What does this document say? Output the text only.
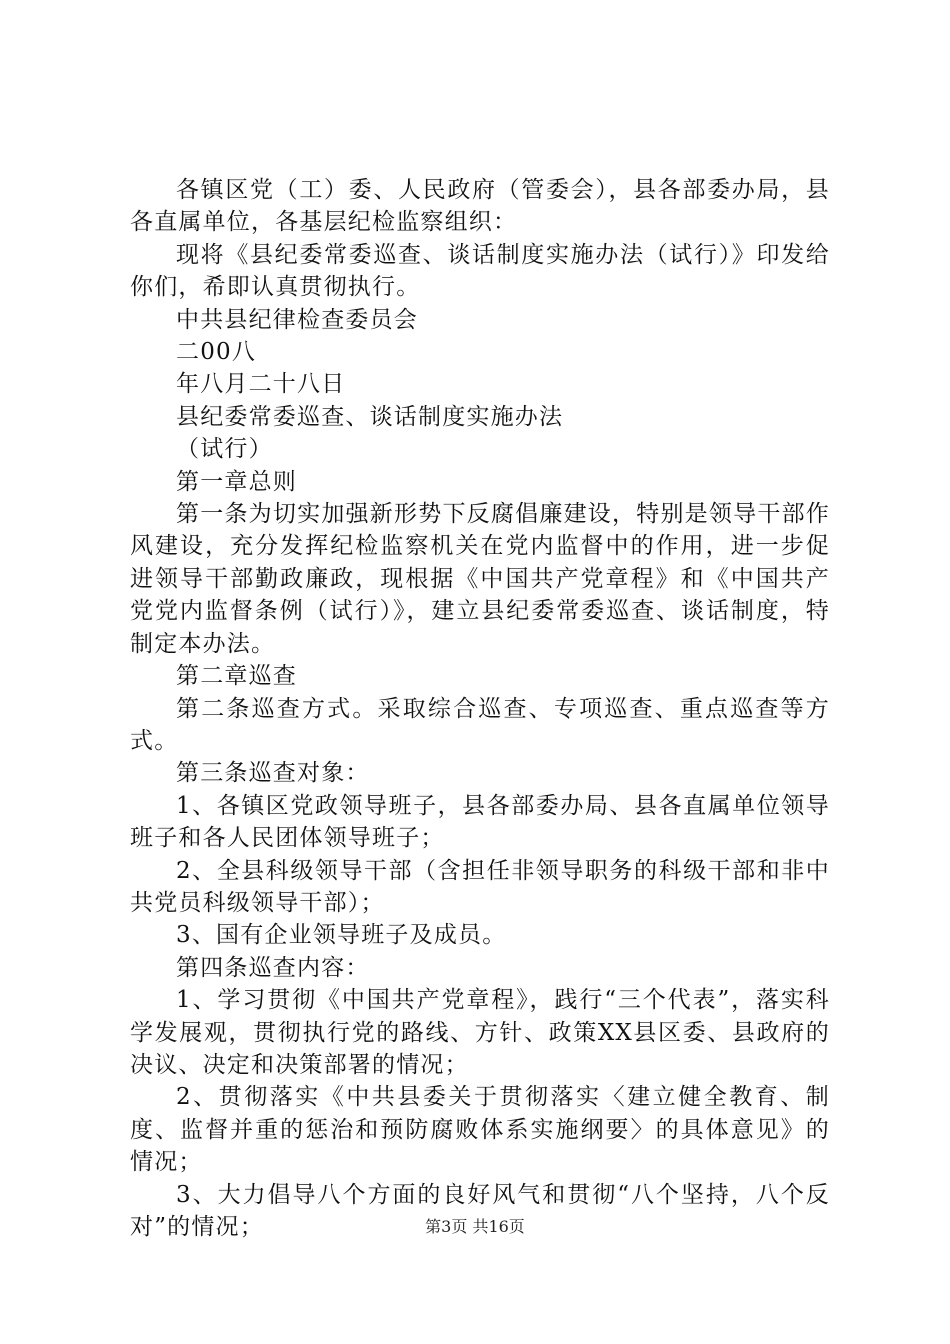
各镇区党（工）委、人民政府（管委会），县各部委办局，县各直属单位，各基层纪检监察组织：

现将《县纪委常委巡查、谈话制度实施办法（试行）》印发给你们，希即认真贯彻执行。

中共县纪律检查委员会

二00八

年八月二十八日

县纪委常委巡查、谈话制度实施办法

（试行）

第一章总则

第一条为切实加强新形势下反腐倡廉建设，特别是领导干部作风建设，充分发挥纪检监察机关在党内监督中的作用，进一步促进领导干部勤政廉政，现根据《中国共产党章程》和《中国共产党党内监督条例（试行）》，建立县纪委常委巡查、谈话制度，特制定本办法。

第二章巡查

第二条巡查方式。采取综合巡查、专项巡查、重点巡查等方式。

第三条巡查对象：

1、各镇区党政领导班子，县各部委办局、县各直属单位领导班子和各人民团体领导班子；

2、全县科级领导干部（含担任非领导职务的科级干部和非中共党员科级领导干部）；

3、国有企业领导班子及成员。

第四条巡查内容：

1、学习贯彻《中国共产党章程》，践行“三个代表”，落实科学发展观，贯彻执行党的路线、方针、政策XX县区委、县政府的决议、决定和决策部署的情况；

2、贯彻落实《中共县委关于贯彻落实〈建立健全教育、制度、监督并重的惩治和预防腐败体系实施纲要〉的具体意见》的情况；

3、大力倡导八个方面的良好风气和贯彻“八个坚持，八个反对”的情况；	第3页 共16页
